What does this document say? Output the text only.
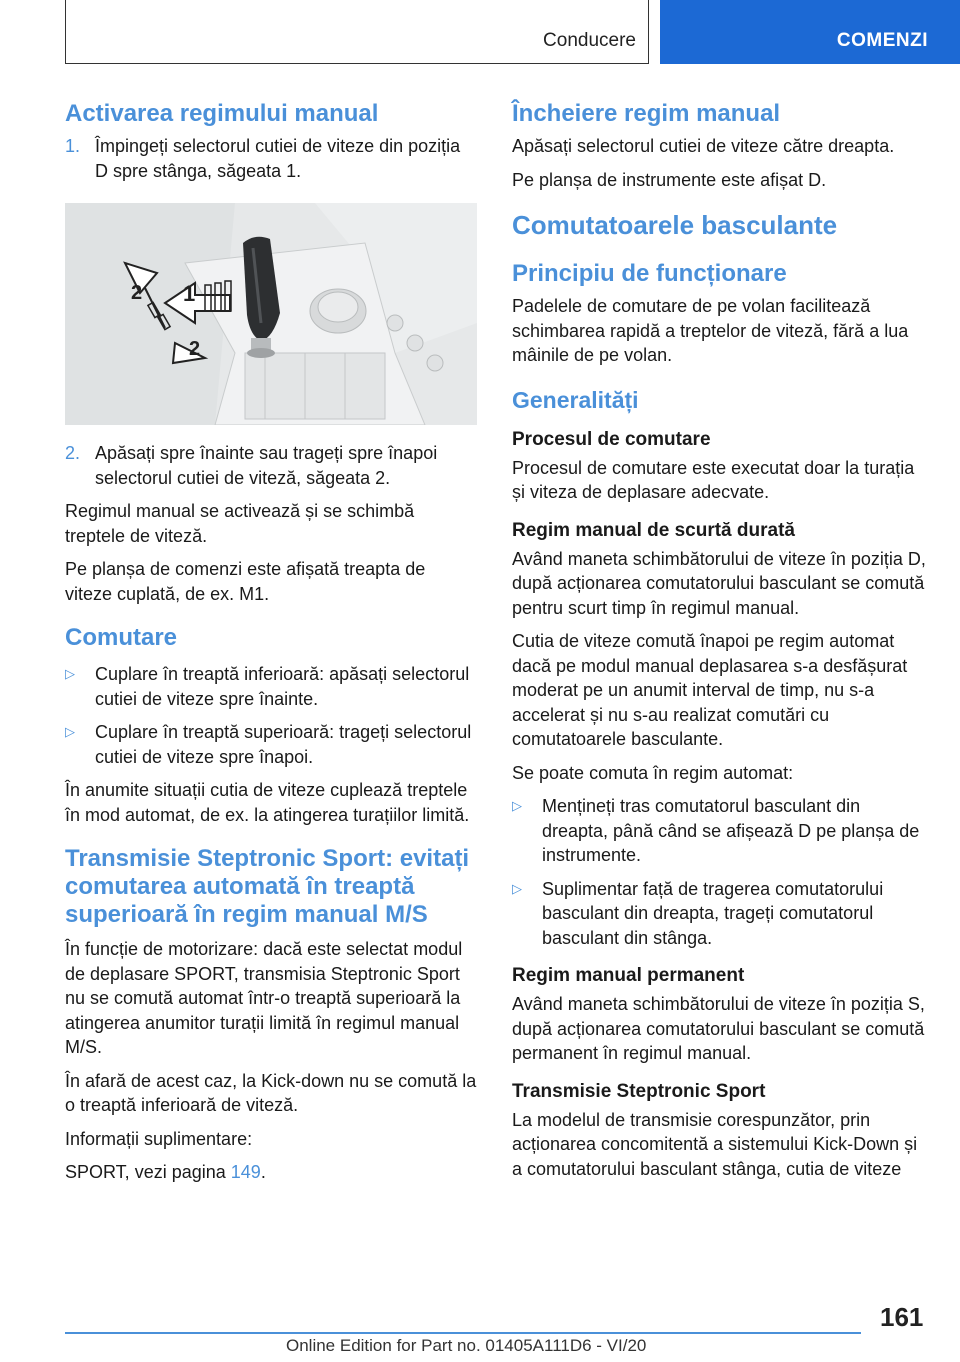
Conducere	COMENZI
Activarea regimului manual
1. Împingeți selectorul cutiei de viteze din poziția D spre stânga, săgeata 1.
1
2
2
2. Apăsați spre înainte sau trageți spre înapoi selectorul cutiei de viteză, săgeata 2.

Regimul manual se activează și se schimbă treptele de viteză.

Pe planșa de comenzi este afișată treapta de viteze cuplată, de ex. M1.

Comutare
▷ Cuplare în treaptă inferioară: apăsați selectorul cutiei de viteze spre înainte.
▷ Cuplare în treaptă superioară: trageți selectorul cutiei de viteze spre înapoi.

În anumite situații cutia de viteze cuplează treptele în mod automat, de ex. la atingerea turațiilor limită.

Transmisie Steptronic Sport: evitați comutarea automată în treaptă superioară în regim manual M/S

În funcție de motorizare: dacă este selectat modul de deplasare SPORT, transmisia Steptronic Sport nu se comută automat într-o treaptă superioară la atingerea anumitor turații limită în regimul manual M/S.

În afară de acest caz, la Kick-down nu se comută la o treaptă inferioară de viteză.

Informații suplimentare:

SPORT, vezi pagina 149.

Încheiere regim manual

Apăsați selectorul cutiei de viteze către dreapta.

Pe planșa de instrumente este afișat D.

Comutatoarele basculante
Principiu de funcționare

Padelele de comutare de pe volan facilitează schimbarea rapidă a treptelor de viteză, fără a lua mâinile de pe volan.

Generalități
Procesul de comutare

Procesul de comutare este executat doar la turația și viteza de deplasare adecvate.

Regim manual de scurtă durată

Având maneta schimbătorului de viteze în poziția D, după acționarea comutatorului basculant se comută pentru scurt timp în regimul manual.

Cutia de viteze comută înapoi pe regim automat dacă pe modul manual deplasarea s-a desfășurat moderat pe un anumit interval de timp, nu s-a accelerat și nu s-au realizat comutări cu comutatoarele basculante.

Se poate comuta în regim automat:

▷ Mențineți tras comutatorul basculant din dreapta, până când se afișează D pe planșa de instrumente.
▷ Suplimentar față de tragerea comutatorului basculant din dreapta, trageți comutatorul basculant din stânga.
Regim manual permanent

Având maneta schimbătorului de viteze în poziția S, după acționarea comutatorului basculant se comută permanent în regimul manual.

Transmisie Steptronic Sport

La modelul de transmisie corespunzător, prin acționarea concomitentă a sistemului Kick-Down și a comutatorului basculant stânga, cutia de viteze

161
Online Edition for Part no. 01405A111D6 - VI/20
